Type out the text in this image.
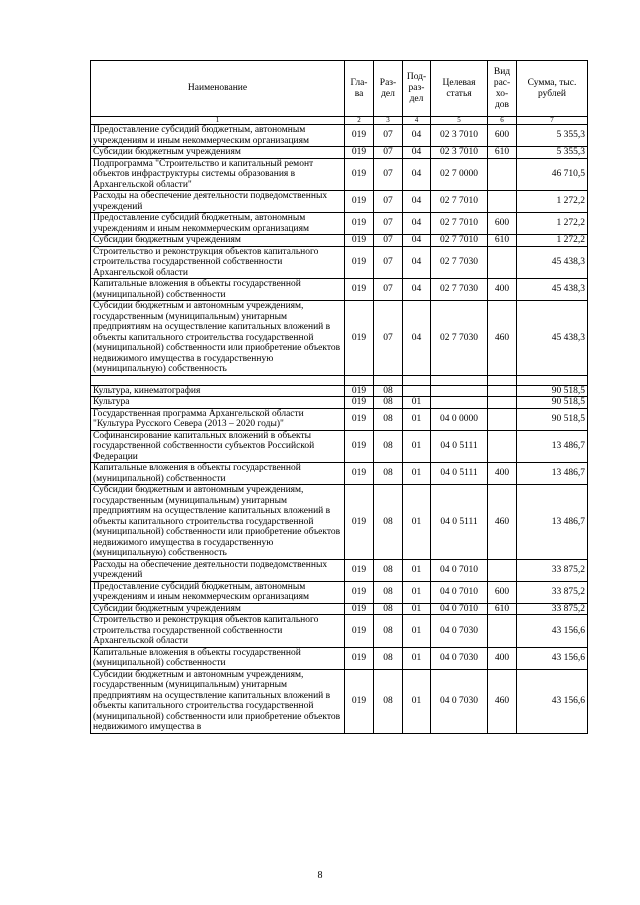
Наименование	Гла-ва	Раз-дел	Под-раз-дел	Целевая статья	Вид рас-хо-дов	Сумма, тыс. рублей
1	2	3	4	5	6	7
Предоставление субсидий бюджетным, автономным учреждениям и иным некоммерческим организациям	019	07	04	02 3 7010	600	5 355,3
Субсидии бюджетным учреждениям	019	07	04	02 3 7010	610	5 355,3
Подпрограмма "Строительство и капитальный ремонт объектов инфраструктуры системы образования в Архангельской области"	019	07	04	02 7 0000		46 710,5
Расходы на обеспечение деятельности подведомственных учреждений	019	07	04	02 7 7010		1 272,2
Предоставление субсидий бюджетным, автономным учреждениям и иным некоммерческим организациям	019	07	04	02 7 7010	600	1 272,2
Субсидии бюджетным учреждениям	019	07	04	02 7 7010	610	1 272,2
Строительство и реконструкция объектов капитального строительства государственной собственности Архангельской области	019	07	04	02 7 7030		45 438,3
Капитальные вложения в объекты государственной (муниципальной) собственности	019	07	04	02 7 7030	400	45 438,3
Субсидии бюджетным и автономным учреждениям, государственным (муниципальным) унитарным предприятиям на осуществление капитальных вложений в объекты капитального строительства государственной (муниципальной) собственности или приобретение объектов недвижимого имущества в государственную (муниципальную) собственность	019	07	04	02 7 7030	460	45 438,3

Культура, кинематография	019	08				90 518,5
Культура	019	08	01			90 518,5
Государственная программа Архангельской области "Культура Русского Севера (2013 – 2020 годы)"	019	08	01	04 0 0000		90 518,5
Софинансирование капитальных вложений в объекты государственной собственности субъектов Российской Федерации	019	08	01	04 0 5111		13 486,7
Капитальные вложения в объекты государственной (муниципальной) собственности	019	08	01	04 0 5111	400	13 486,7
Субсидии бюджетным и автономным учреждениям, государственным (муниципальным) унитарным предприятиям на осуществление капитальных вложений в объекты капитального строительства государственной (муниципальной) собственности или приобретение объектов недвижимого имущества в государственную (муниципальную) собственность	019	08	01	04 0 5111	460	13 486,7
Расходы на обеспечение деятельности подведомственных учреждений	019	08	01	04 0 7010		33 875,2
Предоставление субсидий бюджетным, автономным учреждениям и иным некоммерческим организациям	019	08	01	04 0 7010	600	33 875,2
Субсидии бюджетным учреждениям	019	08	01	04 0 7010	610	33 875,2
Строительство и реконструкция объектов капитального строительства государственной собственности Архангельской области	019	08	01	04 0 7030		43 156,6
Капитальные вложения в объекты государственной (муниципальной) собственности	019	08	01	04 0 7030	400	43 156,6
Субсидии бюджетным и автономным учреждениям, государственным (муниципальным) унитарным предприятиям на осуществление капитальных вложений в объекты капитального строительства государственной (муниципальной) собственности или приобретение объектов недвижимого имущества в	019	08	01	04 0 7030	460	43 156,6
8
